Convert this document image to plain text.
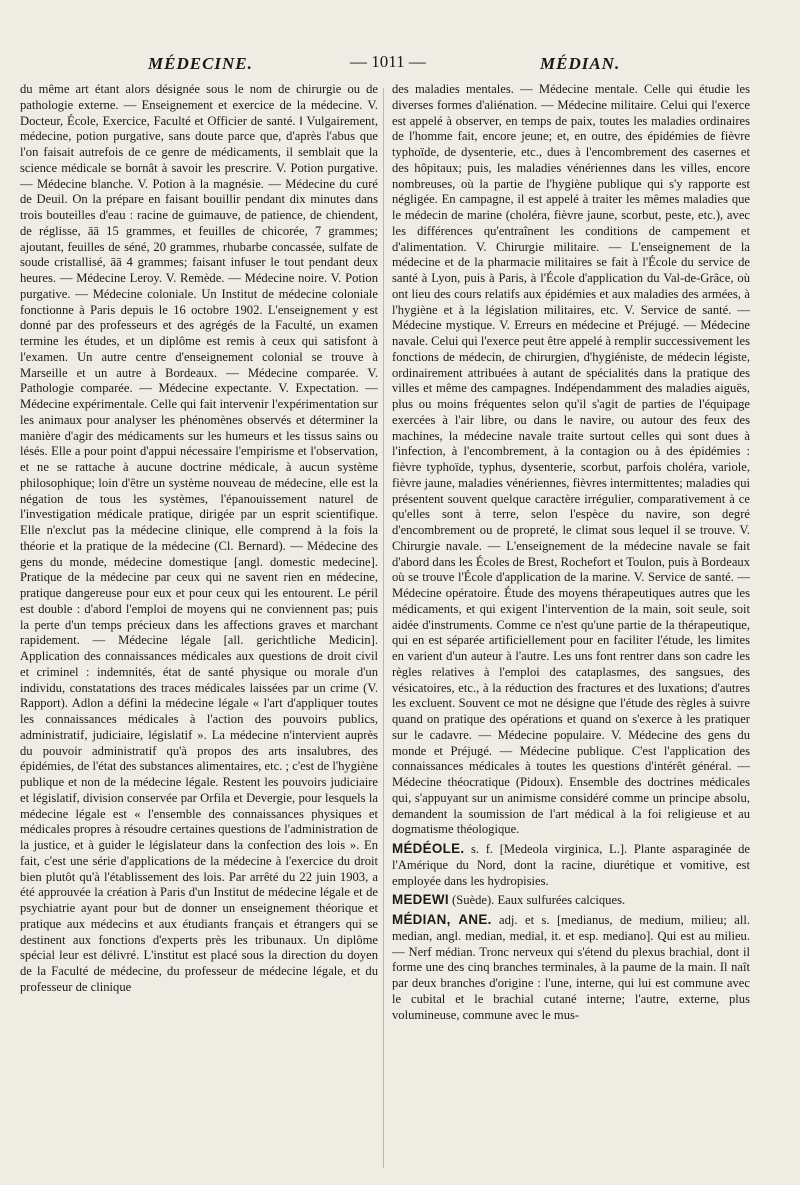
MÉDECINE.	— 1011 —	MÉDIAN.

du même art étant alors désignée sous le nom de chirurgie ou de pathologie externe. — Enseignement et exercice de la médecine. V. Docteur, École, Exercice, Faculté et Officier de santé. ‖ Vulgairement, médecine, potion purgative, sans doute parce que, d'après l'abus que l'on faisait autrefois de ce genre de médicaments, il semblait que la science médicale se bornât à savoir les prescrire. V. Potion purgative. — Médecine blanche. V. Potion à la magnésie. — Médecine du curé de Deuil. On la prépare en faisant bouillir pendant dix minutes dans trois bouteilles d'eau : racine de guimauve, de patience, de chiendent, de réglisse, āā 15 grammes, et feuilles de chicorée, 7 grammes; ajoutant, feuilles de séné, 20 grammes, rhubarbe concassée, sulfate de soude cristallisé, āā 4 grammes; faisant infuser le tout pendant deux heures. — Médecine Leroy. V. Remède. — Médecine noire. V. Potion purgative. — Médecine coloniale. Un Institut de médecine coloniale fonctionne à Paris depuis le 16 octobre 1902. L'enseignement y est donné par des professeurs et des agrégés de la Faculté, un examen termine les études, et un diplôme est remis à ceux qui satisfont à l'examen. Un autre centre d'enseignement colonial se trouve à Marseille et un autre à Bordeaux. — Médecine comparée. V. Pathologie comparée. — Médecine expectante. V. Expectation. — Médecine expérimentale. Celle qui fait intervenir l'expérimentation sur les animaux pour analyser les phénomènes observés et déterminer la manière d'agir des médicaments sur les humeurs et les tissus sains ou lésés. Elle a pour point d'appui nécessaire l'empirisme et l'observation, et ne se rattache à aucune doctrine médicale, à aucun système philosophique; loin d'être un système nouveau de médecine, elle est la négation de tous les systèmes, l'épanouissement naturel de l'investigation médicale pratique, dirigée par un esprit scientifique. Elle n'exclut pas la médecine clinique, elle comprend à la fois la théorie et la pratique de la médecine (Cl. Bernard). — Médecine des gens du monde, médecine domestique [angl. domestic medecine]. Pratique de la médecine par ceux qui ne savent rien en médecine, pratique dangereuse pour eux et pour ceux qui les entourent. Le péril est double : d'abord l'emploi de moyens qui ne conviennent pas; puis la perte d'un temps précieux dans les affections graves et marchant rapidement. — Médecine légale [all. gerichtliche Medicin]. Application des connaissances médicales aux questions de droit civil et criminel : indemnités, état de santé physique ou morale d'un individu, constatations des traces médicales laissées par un crime (V. Rapport). Adlon a défini la médecine légale « l'art d'appliquer toutes les connaissances médicales à l'action des pouvoirs publics, administratif, judiciaire, législatif ». La médecine n'intervient auprès du pouvoir administratif qu'à propos des arts insalubres, des épidémies, de l'état des substances alimentaires, etc. ; c'est de l'hygiène publique et non de la médecine légale. Restent les pouvoirs judiciaire et législatif, division conservée par Orfila et Devergie, pour lesquels la médecine légale est « l'ensemble des connaissances physiques et médicales propres à résoudre certaines questions de l'administration de la justice, et à guider le législateur dans la confection des lois ». En fait, c'est une série d'applications de la médecine à l'exercice du droit bien plutôt qu'à l'établissement des lois. Par arrêté du 22 juin 1903, a été approuvée la création à Paris d'un Institut de médecine légale et de psychiatrie ayant pour but de donner un enseignement théorique et pratique aux médecins et aux étudiants français et étrangers qui se destinent aux fonctions d'experts près les tribunaux. Un diplôme spécial leur est délivré. L'institut est placé sous la direction du doyen de la Faculté de médecine, du professeur de médecine légale, et du professeur de clinique

des maladies mentales. — Médecine mentale. Celle qui étudie les diverses formes d'aliénation. — Médecine militaire. Celui qui l'exerce est appelé à observer, en temps de paix, toutes les maladies ordinaires de l'homme fait, encore jeune; et, en outre, des épidémies de fièvre typhoïde, de dysenterie, etc., dues à l'encombrement des casernes et des hôpitaux; puis, les maladies vénériennes dans les villes, encore nombreuses, où la partie de l'hygiène publique qui s'y rapporte est négligée. En campagne, il est appelé à traiter les mêmes maladies que le médecin de marine (choléra, fièvre jaune, scorbut, peste, etc.), avec les différences qu'entraînent les conditions de campement et d'alimentation. V. Chirurgie militaire. — L'enseignement de la médecine et de la pharmacie militaires se fait à l'École du service de santé à Lyon, puis à Paris, à l'École d'application du Val-de-Grâce, où ont lieu des cours relatifs aux épidémies et aux maladies des armées, à l'hygiène et à la législation militaires, etc. V. Service de santé. — Médecine mystique. V. Erreurs en médecine et Préjugé. — Médecine navale. Celui qui l'exerce peut être appelé à remplir successivement les fonctions de médecin, de chirurgien, d'hygiéniste, de médecin légiste, ordinairement attribuées à autant de spécialités dans la pratique des villes et même des campagnes. Indépendamment des maladies aiguës, plus ou moins fréquentes selon qu'il s'agit de parties de l'équipage exercées à l'air libre, ou dans le navire, ou autour des feux des machines, la médecine navale traite surtout celles qui sont dues à l'infection, à l'encombrement, à la contagion ou à des épidémies : fièvre typhoïde, typhus, dysenterie, scorbut, parfois choléra, variole, fièvre jaune, maladies vénériennes, fièvres intermittentes; maladies qui présentent souvent quelque caractère irrégulier, comparativement à ce qu'elles sont à terre, selon l'espèce du navire, son degré d'encombrement ou de propreté, le climat sous lequel il se trouve. V. Chirurgie navale. — L'enseignement de la médecine navale se fait d'abord dans les Écoles de Brest, Rochefort et Toulon, puis à Bordeaux où se trouve l'École d'application de la marine. V. Service de santé. — Médecine opératoire. Étude des moyens thérapeutiques autres que les médicaments, et qui exigent l'intervention de la main, soit seule, soit aidée d'instruments. Comme ce n'est qu'une partie de la thérapeutique, qui en est séparée artificiellement pour en faciliter l'étude, les limites en varient d'un auteur à l'autre. Les uns font rentrer dans son cadre les règles relatives à l'emploi des cataplasmes, des sangsues, des vésicatoires, etc., à la réduction des fractures et des luxations; d'autres les excluent. Souvent ce mot ne désigne que l'étude des règles à suivre quand on pratique des opérations et quand on s'exerce à les pratiquer sur le cadavre. — Médecine populaire. V. Médecine des gens du monde et Préjugé. — Médecine publique. C'est l'application des connaissances médicales à toutes les questions d'intérêt général. — Médecine théocratique (Pidoux). Ensemble des doctrines médicales qui, s'appuyant sur un animisme considéré comme un principe absolu, demandent la soumission de l'art médical à la foi religieuse et au dogmatisme théologique.

MÉDÉOLE. s. f. [Medeola virginica, L.]. Plante asparaginée de l'Amérique du Nord, dont la racine, diurétique et vomitive, est employée dans les hydropisies.

MEDEWI (Suède). Eaux sulfurées calciques.

MÉDIAN, ANE. adj. et s. [medianus, de medium, milieu; all. median, angl. median, medial, it. et esp. mediano]. Qui est au milieu. — Nerf médian. Tronc nerveux qui s'étend du plexus brachial, dont il forme une des cinq branches terminales, à la paume de la main. Il naît par deux branches d'origine : l'une, interne, qui lui est commune avec le cubital et le brachial cutané interne; l'autre, externe, plus volumineuse, commune avec le mus-
